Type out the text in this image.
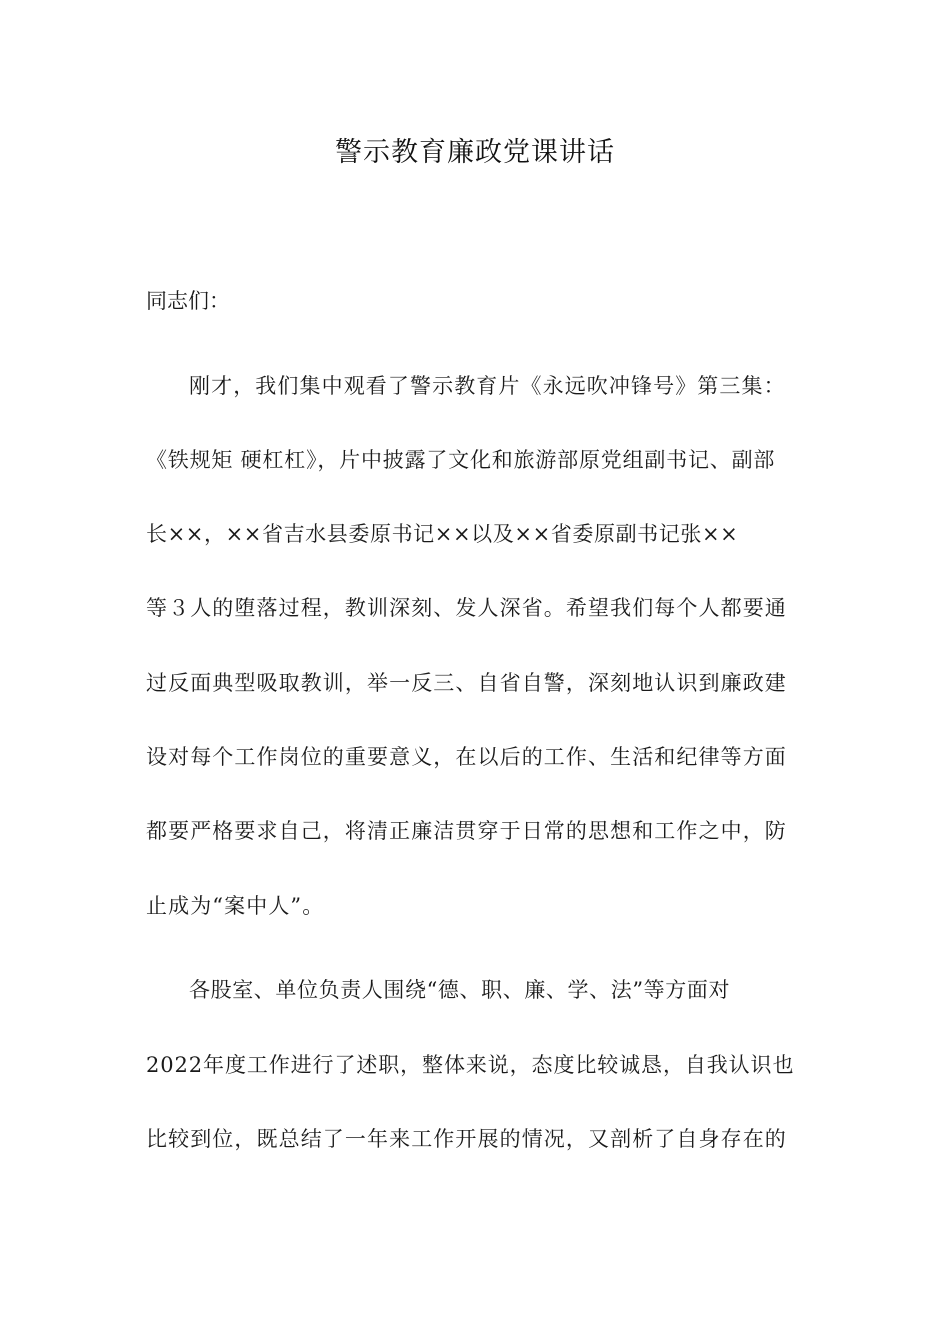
警示教育廉政党课讲话
同志们：
刚才，我们集中观看了警示教育片《永远吹冲锋号》第三集：
《铁规矩 硬杠杠》，片中披露了文化和旅游部原党组副书记、副部
长××，××省吉水县委原书记××以及××省委原副书记张××
等３人的堕落过程，教训深刻、发人深省。希望我们每个人都要通
过反面典型吸取教训，举一反三、自省自警，深刻地认识到廉政建
设对每个工作岗位的重要意义，在以后的工作、生活和纪律等方面
都要严格要求自己，将清正廉洁贯穿于日常的思想和工作之中，防
止成为“案中人”。
各股室、单位负责人围绕“德、职、廉、学、法”等方面对
2022年度工作进行了述职，整体来说，态度比较诚恳，自我认识也
比较到位，既总结了一年来工作开展的情况，又剖析了自身存在的
